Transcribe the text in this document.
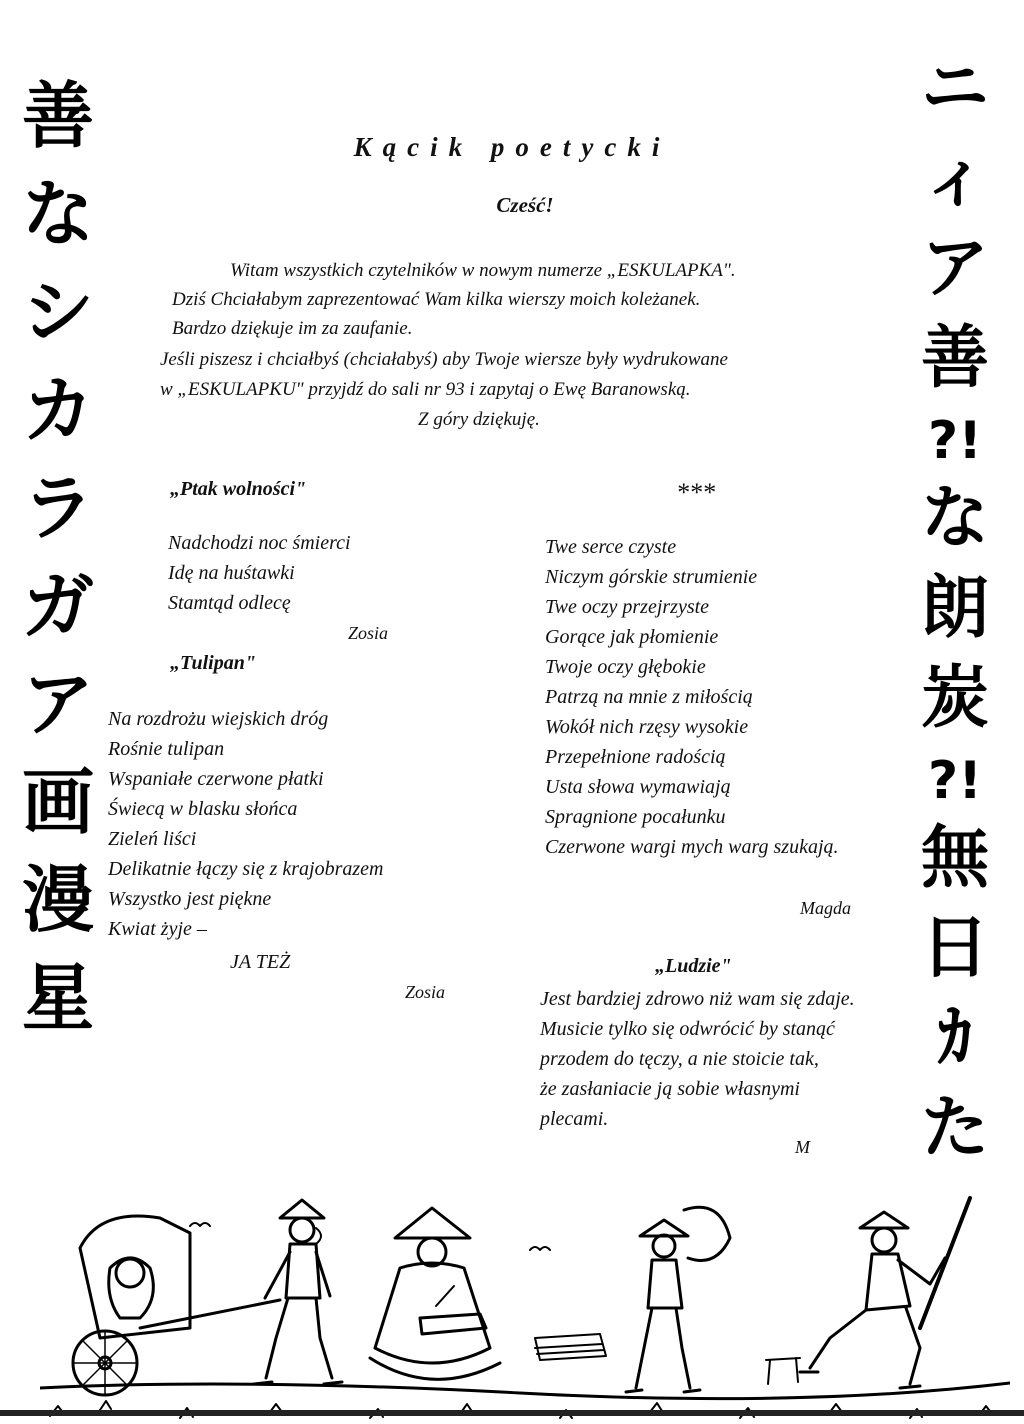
善
な
シ
カ
ラ
ガ
ア
画
漫
星
ニ
ィ
ア
善
?!
な
朗
炭
?!
無
日
ｶ
た
Kącik poetycki
Cześć!
Witam wszystkich czytelników w nowym numerze „ESKULAPKA".
Dziś Chciałabym zaprezentować Wam kilka wierszy moich koleżanek.
Bardzo dziękuje im za zaufanie.
Jeśli piszesz i chciałbyś (chciałabyś) aby Twoje wiersze były wydrukowane
w „ESKULAPKU" przyjdź do sali nr 93 i zapytaj o Ewę Baranowską.
Z góry dziękuję.
„Ptak wolności"
Nadchodzi noc śmierci
Idę na huśtawki
Stamtąd odlecę
Zosia
„Tulipan"
Na rozdrożu wiejskich dróg
Rośnie tulipan
Wspaniałe czerwone płatki
Świecą w blasku słońca
Zieleń liści
Delikatnie łączy się z krajobrazem
Wszystko jest piękne
Kwiat żyje –
JA TEŻ
Zosia
***
Twe serce czyste
Niczym górskie strumienie
Twe oczy przejrzyste
Gorące jak płomienie
Twoje oczy głębokie
Patrzą na mnie z miłością
Wokół nich rzęsy wysokie
Przepełnione radością
Usta słowa wymawiają
Spragnione pocałunku
Czerwone wargi mych warg szukają.
Magda
„Ludzie"
Jest bardziej zdrowo niż wam się zdaje.
Musicie tylko się odwrócić by stanąć
przodem do tęczy, a nie stoicie tak,
że zasłaniacie ją sobie własnymi
plecami.
M
